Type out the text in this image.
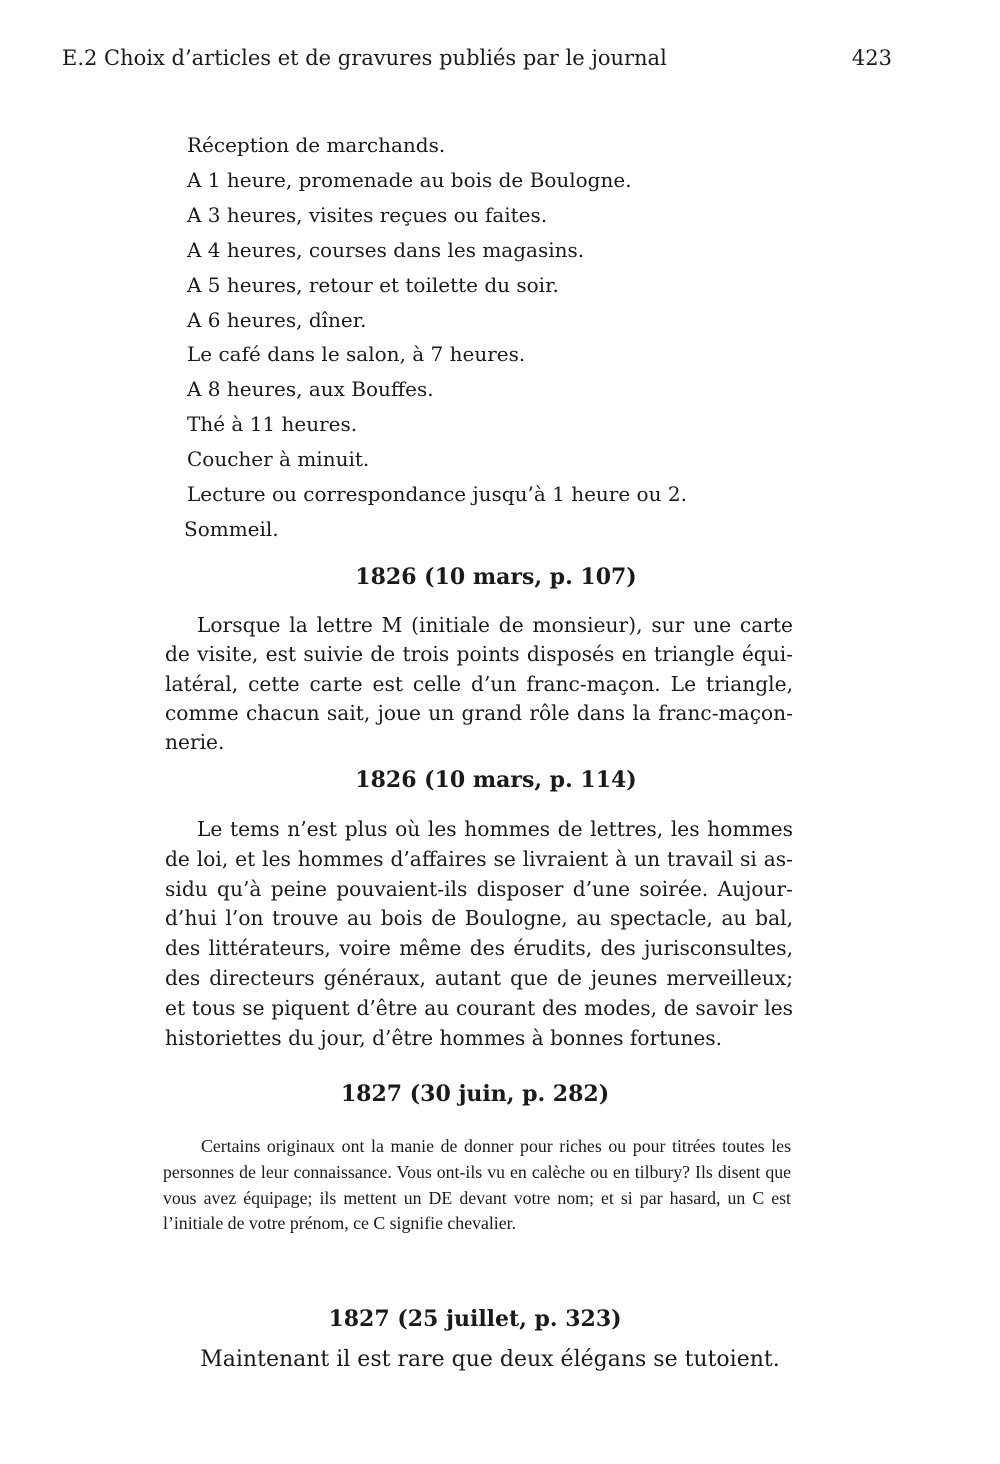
E.2 Choix d’articles et de gravures publiés par le journal	423
Réception de marchands.
A 1 heure, promenade au bois de Boulogne.
A 3 heures, visites reçues ou faites.
A 4 heures, courses dans les magasins.
A 5 heures, retour et toilette du soir.
A 6 heures, dîner.
Le café dans le salon, à 7 heures.
A 8 heures, aux Bouffes.
Thé à 11 heures.
Coucher à minuit.
Lecture ou correspondance jusqu’à 1 heure ou 2.
Sommeil.
1826 (10 mars, p. 107)

Lorsque la lettre M (initiale de monsieur), sur une carte de visite, est suivie de trois points disposés en triangle équilatéral, cette carte est celle d’un franc-maçon. Le triangle, comme chacun sait, joue un grand rôle dans la franc-maçonnerie.

1826 (10 mars, p. 114)

Le tems n’est plus où les hommes de lettres, les hommes de loi, et les hommes d’affaires se livraient à un travail si assidu qu’à peine pouvaient-ils disposer d’une soirée. Aujourd’hui l’on trouve au bois de Boulogne, au spectacle, au bal, des littérateurs, voire même des érudits, des jurisconsultes, des directeurs généraux, autant que de jeunes merveilleux; et tous se piquent d’être au courant des modes, de savoir les historiettes du jour, d’être hommes à bonnes fortunes.

1827 (30 juin, p. 282)

Certains originaux ont la manie de donner pour riches ou pour titrées toutes les personnes de leur connaissance. Vous ont-ils vu en calèche ou en tilbury? Ils disent que vous avez équipage; ils mettent un DE devant votre nom; et si par hasard, un C est l’initiale de votre prénom, ce C signifie chevalier.

1827 (25 juillet, p. 323)

Maintenant il est rare que deux élégans se tutoient.
